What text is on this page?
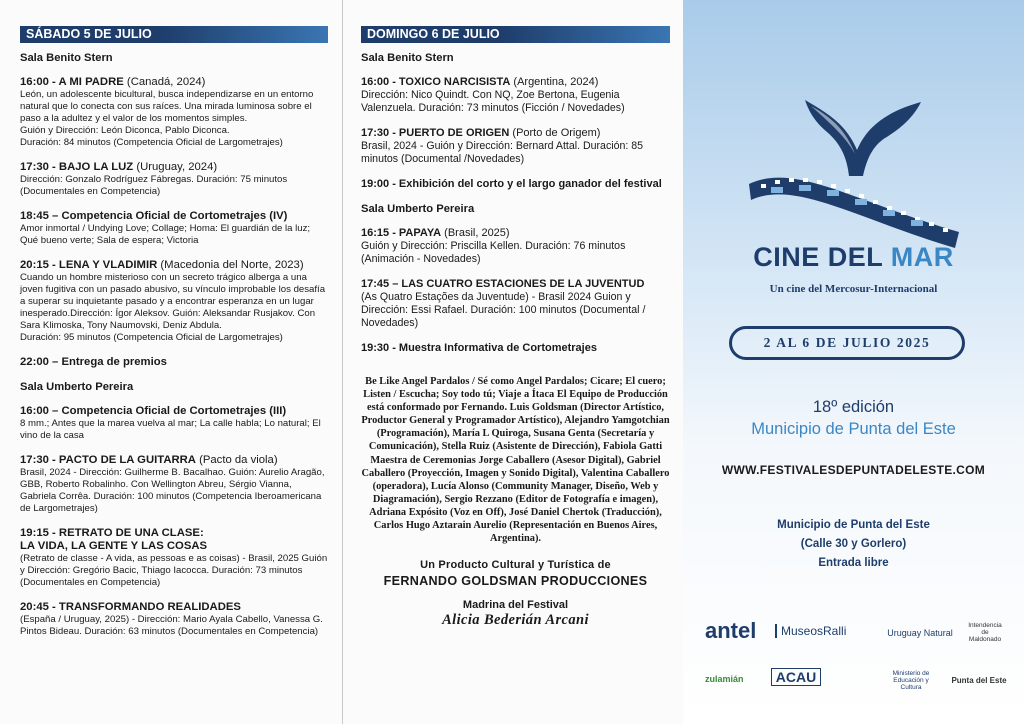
SÁBADO 5 DE JULIO
Sala Benito Stern
16:00 - A MI PADRE (Canadá, 2024)
León, un adolescente bicultural, busca independizarse en un entorno natural que lo conecta con sus raíces. Una mirada luminosa sobre el paso a la adultez y el valor de los momentos simples.
Guión y Dirección: León Diconca, Pablo Diconca.
Duración: 84 minutos (Competencia Oficial de Largometrajes)
17:30 - BAJO LA LUZ (Uruguay, 2024)
Dirección: Gonzalo Rodríguez Fábregas. Duración: 75 minutos (Documentales en Competencia)
18:45 – Competencia Oficial de Cortometrajes (IV)
Amor inmortal / Undying Love; Collage; Homa: El guardián de la luz; Qué bueno verte; Sala de espera; Victoria
20:15 - LENA Y VLADIMIR (Macedonia del Norte, 2023)
Cuando un hombre misterioso con un secreto trágico alberga a una joven fugitiva con un pasado abusivo, su vínculo improbable los desafía a superar su inquietante pasado y a encontrar esperanza en un lugar inesperado.Dirección: Ígor Aleksov. Guión: Aleksandar Rusjakov. Con Sara Klimoska, Tony Naumovski, Deniz Abdula.
Duración: 95 minutos (Competencia Oficial de Largometrajes)
22:00 – Entrega de premios
Sala Umberto Pereira
16:00 – Competencia Oficial de Cortometrajes (III)
8 mm.; Antes que la marea vuelva al mar; La calle habla; Lo natural; El vino de la casa
17:30 - PACTO DE LA GUITARRA (Pacto da viola)
Brasil, 2024 - Dirección: Guilherme B. Bacalhao. Guión: Aurelio Aragão, GBB, Roberto Robalinho. Con Wellington Abreu, Sérgio Vianna, Gabriela Corrêa. Duración: 100 minutos (Competencia Iberoamericana de Largometrajes)
19:15 - RETRATO DE UNA CLASE:
LA VIDA, LA GENTE Y LAS COSAS
(Retrato de classe - A vida, as pessoas e as coisas) - Brasil, 2025 Guión y Dirección: Gregório Bacic, Thiago Iacocca. Duración: 73 minutos (Documentales en Competencia)
20:45 - TRANSFORMANDO REALIDADES
(España / Uruguay, 2025) - Dirección: Mario Ayala Cabello, Vanessa G. Pintos Bideau. Duración: 63 minutos (Documentales en Competencia)
DOMINGO 6 DE JULIO
Sala Benito Stern
16:00 - TOXICO NARCISISTA (Argentina, 2024)
Dirección: Nico Quindt. Con NQ, Zoe Bertona, Eugenia Valenzuela. Duración: 73 minutos (Ficción / Novedades)
17:30 - PUERTO DE ORIGEN (Porto de Origem)
Brasil, 2024 - Guión y Dirección: Bernard Attal. Duración: 85 minutos (Documental /Novedades)
19:00 - Exhibición del corto y el largo ganador del festival
Sala Umberto Pereira
16:15 - PAPAYA (Brasil, 2025)
Guión y Dirección: Priscilla Kellen. Duración: 76 minutos (Animación - Novedades)
17:45 – LAS CUATRO ESTACIONES DE LA JUVENTUD
(As Quatro Estações da Juventude) - Brasil 2024 Guion y Dirección: Essi Rafael. Duración: 100 minutos (Documental / Novedades)
19:30 - Muestra Informativa de Cortometrajes
Be Like Angel Pardalos / Sé como Angel Pardalos; Cicare; El cuero; Listen / Escucha; Soy todo tú; Viaje a Ítaca El Equipo de Producción está conformado por Fernando. Luis Goldsman (Director Artístico, Productor General y Programador Artístico), Alejandro Yamgotchian (Programación), María L Quiroga, Susana Genta (Secretaría y Comunicación), Stella Ruiz (Asistente de Dirección), Fabiola Gatti Maestra de Ceremonias Jorge Caballero (Asesor Digital), Gabriel Caballero (Proyección, Imagen y Sonido Digital), Valentina Caballero (operadora), Lucía Alonso (Community Manager, Diseño, Web y Diagramación), Sergio Rezzano (Editor de Fotografía e imagen), Adriana Expósito (Voz en Off), José Daniel Chertok (Traducción), Carlos Hugo Aztarain Aurelio (Representación en Buenos Aires, Argentina).
Un Producto Cultural y Turística de
FERNANDO GOLDSMAN PRODUCCIONES
Madrina del Festival
Alicia Bederián Arcani
CINE DEL MAR
Un cine del Mercosur-Internacional
2 AL 6 DE JULIO 2025
18º edición
Municipio de Punta del Este
WWW.FESTIVALESDEPUNTADELESTE.COM
Municipio de Punta del Este
(Calle 30 y Gorlero)
Entrada libre
antel	MuseosRalli	Uruguay Natural
Intendencia de Maldonado
zulamián	ACAU	Ministerio de Educación y Cultura
Punta del Este
